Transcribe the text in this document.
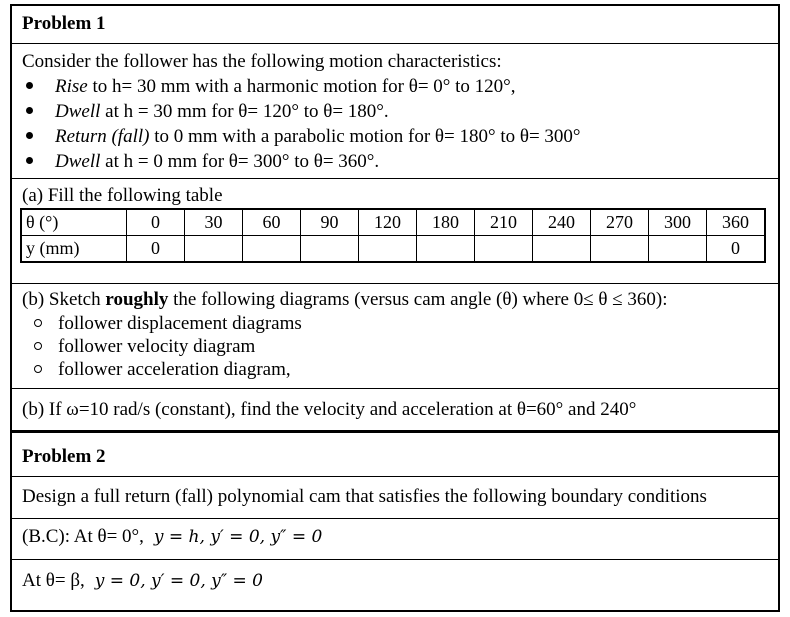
Problem 1
Consider the follower has the following motion characteristics:
Rise to h= 30 mm with a harmonic motion for θ= 0° to 120°,
Dwell at h = 30 mm for θ= 120° to θ= 180°.
Return (fall) to 0 mm with a parabolic motion for θ= 180° to θ= 300°
Dwell at h = 0 mm for θ= 300° to θ= 360°.
(a) Fill the following table
θ (°)	0	30	60	90	120	180	210	240	270	300	360
y (mm)	0										0
(b) Sketch roughly the following diagrams (versus cam angle (θ) where 0≤ θ ≤ 360):
follower displacement diagrams
follower velocity diagram
follower acceleration diagram,
(b) If ω=10 rad/s (constant), find the velocity and acceleration at θ=60° and 240°
Problem 2
Design a full return (fall) polynomial cam that satisfies the following boundary conditions
(B.C): At θ= 0°, y = h, y′ = 0, y″ = 0
At θ= β, y = 0, y′ = 0, y″ = 0
